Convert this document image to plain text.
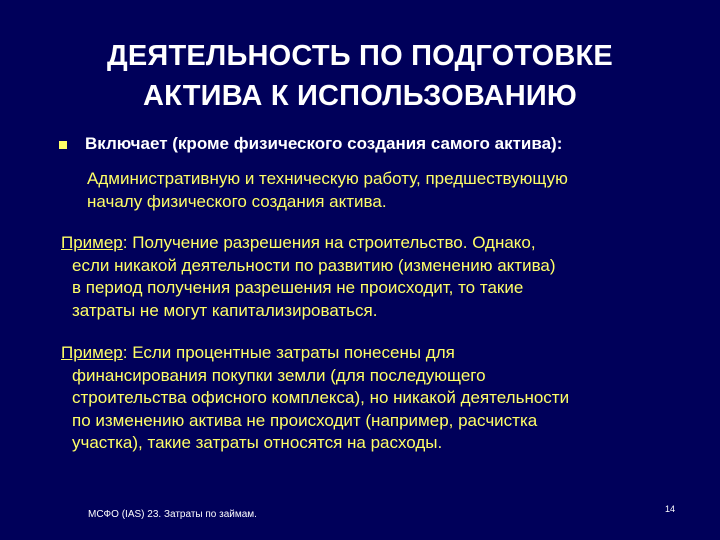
ДЕЯТЕЛЬНОСТЬ ПО ПОДГОТОВКЕ
АКТИВА К ИСПОЛЬЗОВАНИЮ
Включает (кроме физического создания самого актива):
Административную и техническую работу, предшествующую
началу физического создания актива.
Пример: Получение разрешения на строительство. Однако,
если никакой деятельности по развитию (изменению актива)
в период получения разрешения не происходит, то такие
затраты не могут капитализироваться.
Пример: Если процентные затраты понесены для
финансирования покупки земли (для последующего
строительства офисного комплекса), но никакой деятельности
по изменению актива не происходит (например, расчистка
участка), такие затраты относятся на расходы.
МСФО (IAS) 23. Затраты по займам.	14
